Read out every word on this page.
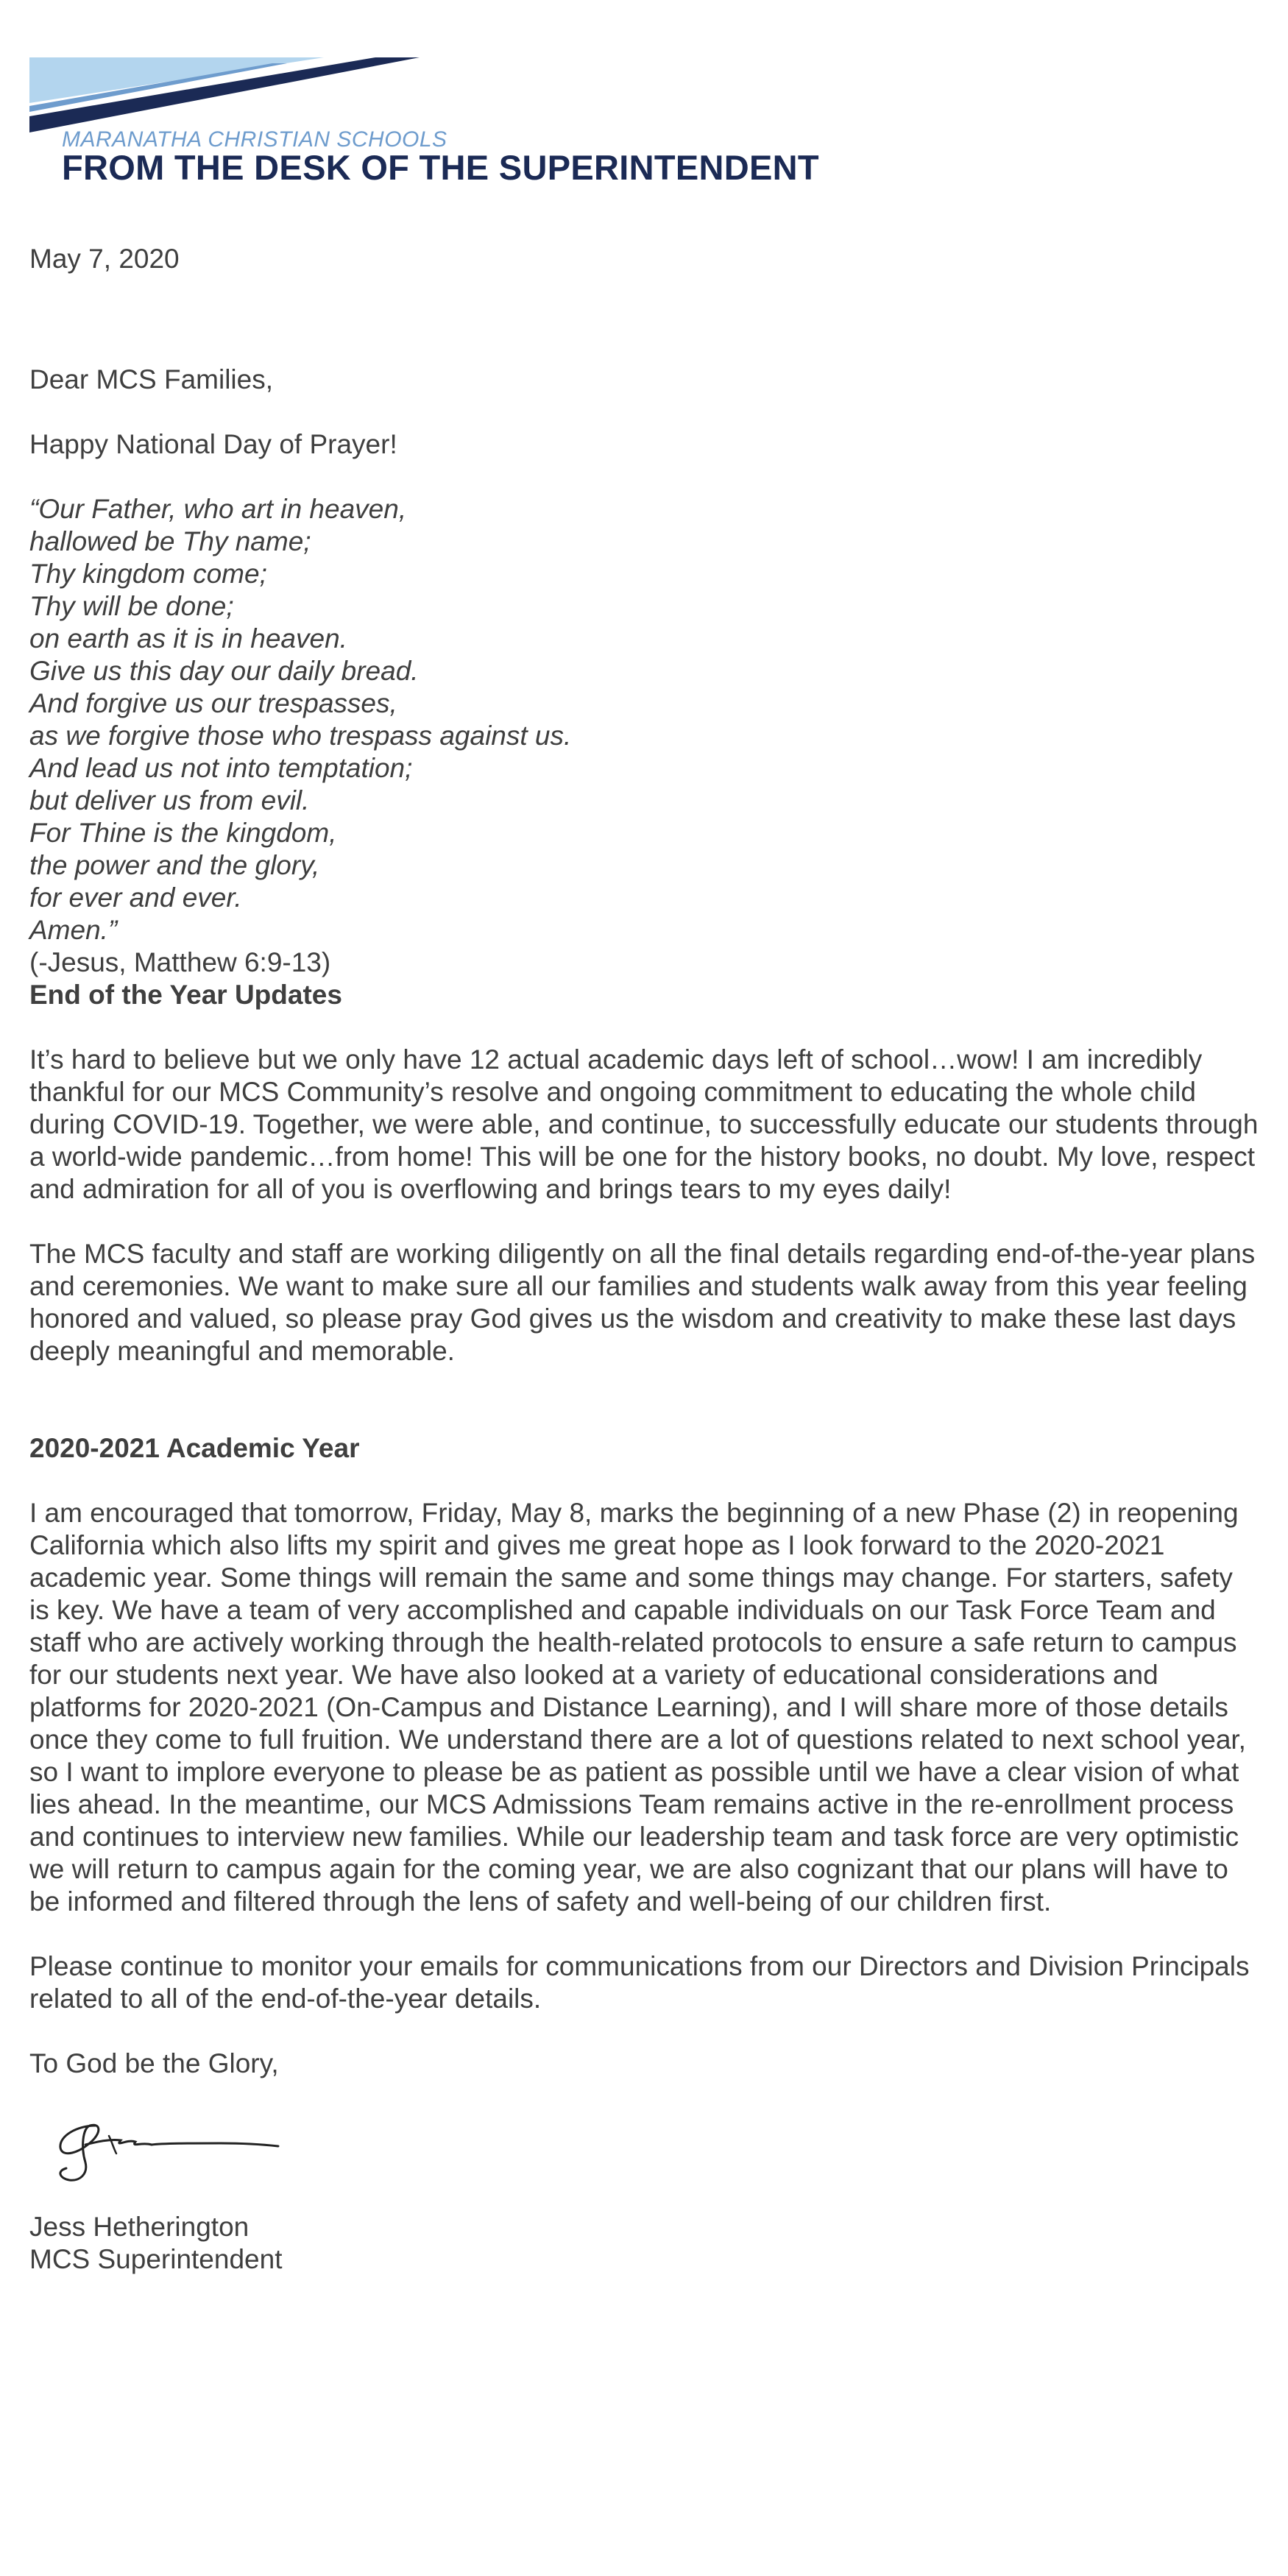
MARANATHA CHRISTIAN SCHOOLS

FROM THE DESK OF THE SUPERINTENDENT

May 7, 2020

Dear MCS Families,

Happy National Day of Prayer!

“Our Father, who art in heaven,
hallowed be Thy name;
Thy kingdom come;
Thy will be done;
on earth as it is in heaven.
Give us this day our daily bread.
And forgive us our trespasses,
as we forgive those who trespass against us.
And lead us not into temptation;
but deliver us from evil.
For Thine is the kingdom,
the power and the glory,
for ever and ever.
Amen.”
(-Jesus, Matthew 6:9-13)
End of the Year Updates

It’s hard to believe but we only have 12 actual academic days left of school…wow! I am incredibly thankful for our MCS Community’s resolve and ongoing commitment to educating the whole child during COVID-19. Together, we were able, and continue, to successfully educate our students through a world-wide pandemic…from home! This will be one for the history books, no doubt. My love, respect and admiration for all of you is overflowing and brings tears to my eyes daily!

The MCS faculty and staff are working diligently on all the final details regarding end-of-the-year plans and ceremonies. We want to make sure all our families and students walk away from this year feeling honored and valued, so please pray God gives us the wisdom and creativity to make these last days deeply meaningful and memorable.

2020-2021 Academic Year

I am encouraged that tomorrow, Friday, May 8, marks the beginning of a new Phase (2) in reopening California which also lifts my spirit and gives me great hope as I look forward to the 2020-2021 academic year. Some things will remain the same and some things may change. For starters, safety is key. We have a team of very accomplished and capable individuals on our Task Force Team and staff who are actively working through the health-related protocols to ensure a safe return to campus for our students next year. We have also looked at a variety of educational considerations and platforms for 2020-2021 (On-Campus and Distance Learning), and I will share more of those details once they come to full fruition. We understand there are a lot of questions related to next school year, so I want to implore everyone to please be as patient as possible until we have a clear vision of what lies ahead. In the meantime, our MCS Admissions Team remains active in the re-enrollment process and continues to interview new families. While our leadership team and task force are very optimistic we will return to campus again for the coming year, we are also cognizant that our plans will have to be informed and filtered through the lens of safety and well-being of our children first.

Please continue to monitor your emails for communications from our Directors and Division Principals related to all of the end-of-the-year details.

To God be the Glory,

Jess Hetherington

MCS Superintendent
